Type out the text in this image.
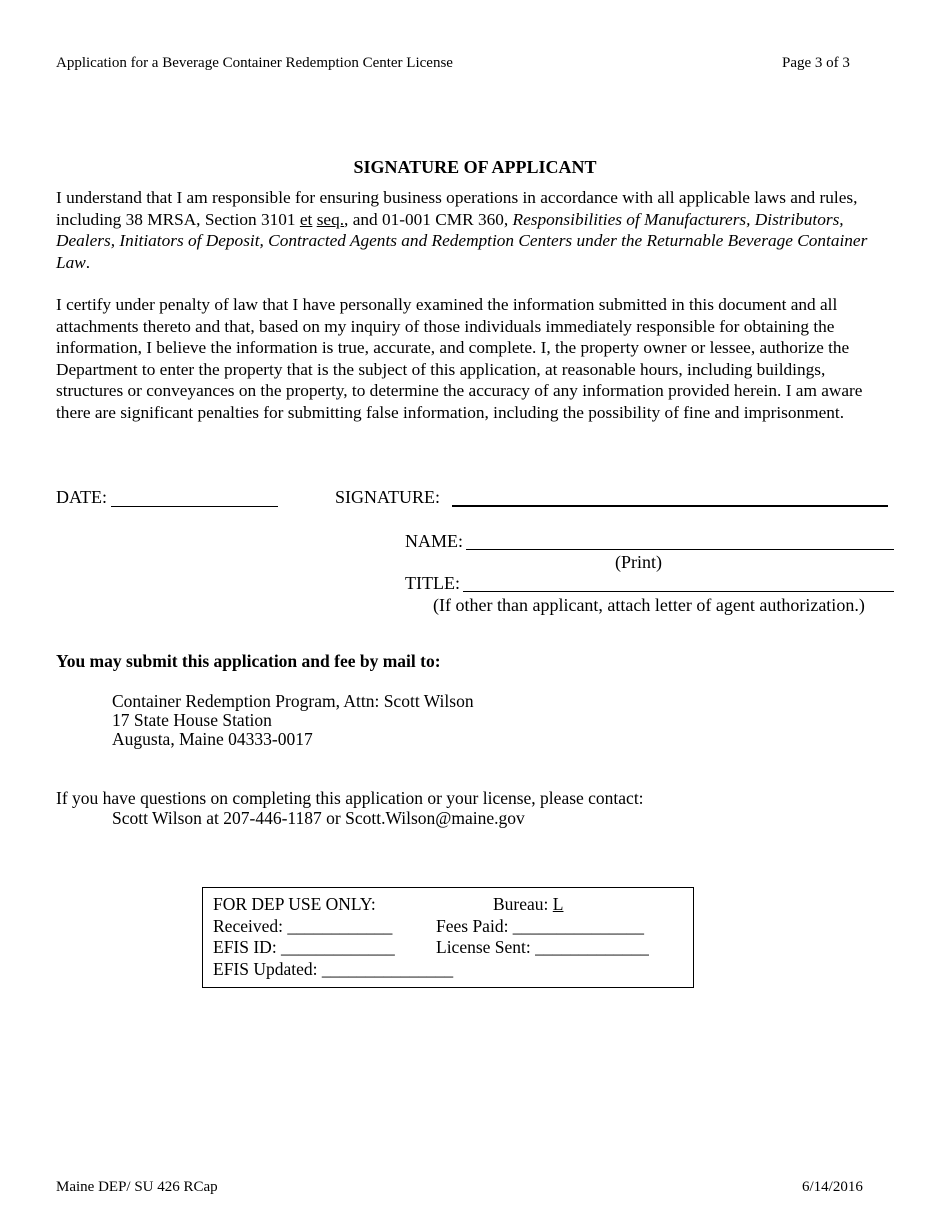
Application for a Beverage Container Redemption Center License	Page 3 of 3
SIGNATURE OF APPLICANT
I understand that I am responsible for ensuring business operations in accordance with all applicable laws and rules, including 38 MRSA, Section 3101 et seq., and 01-001 CMR 360, Responsibilities of Manufacturers, Distributors, Dealers, Initiators of Deposit, Contracted Agents and Redemption Centers under the Returnable Beverage Container Law.
I certify under penalty of law that I have personally examined the information submitted in this document and all attachments thereto and that, based on my inquiry of those individuals immediately responsible for obtaining the information, I believe the information is true, accurate, and complete. I, the property owner or lessee, authorize the Department to enter the property that is the subject of this application, at reasonable hours, including buildings, structures or conveyances on the property, to determine the accuracy of any information provided herein. I am aware there are significant penalties for submitting false information, including the possibility of fine and imprisonment.
DATE:	SIGNATURE:
NAME:
(Print)
TITLE:
(If other than applicant, attach letter of agent authorization.)
You may submit this application and fee by mail to:
Container Redemption Program, Attn: Scott Wilson
17 State House Station
Augusta, Maine 04333-0017
If you have questions on completing this application or your license, please contact:
Scott Wilson at 207-446-1187 or Scott.Wilson@maine.gov
FOR DEP USE ONLY:	Bureau: L
Received: ____________ Fees Paid: _______________
EFIS ID: _____________ License Sent: _____________
EFIS Updated: _______________
Maine DEP/ SU 426 RCap	6/14/2016
